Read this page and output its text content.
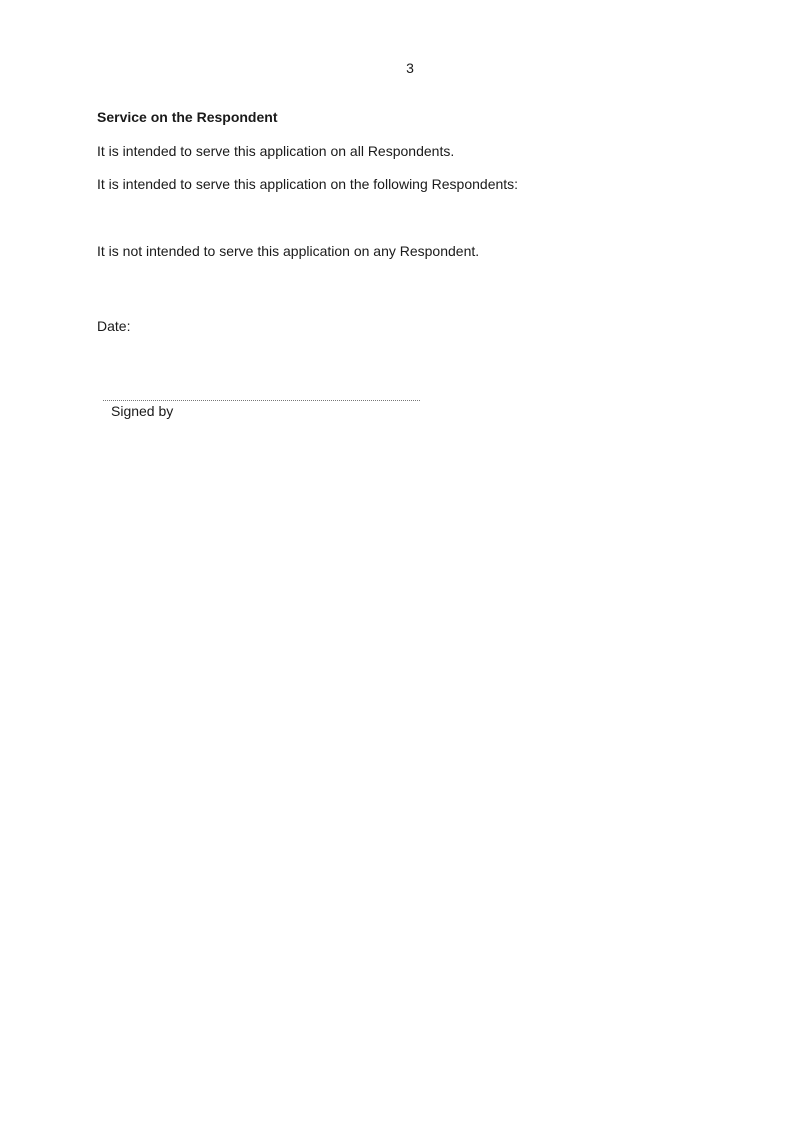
3
Service on the Respondent
It is intended to serve this application on all Respondents.
It is intended to serve this application on the following Respondents:
It is not intended to serve this application on any Respondent.
Date:
Signed by
